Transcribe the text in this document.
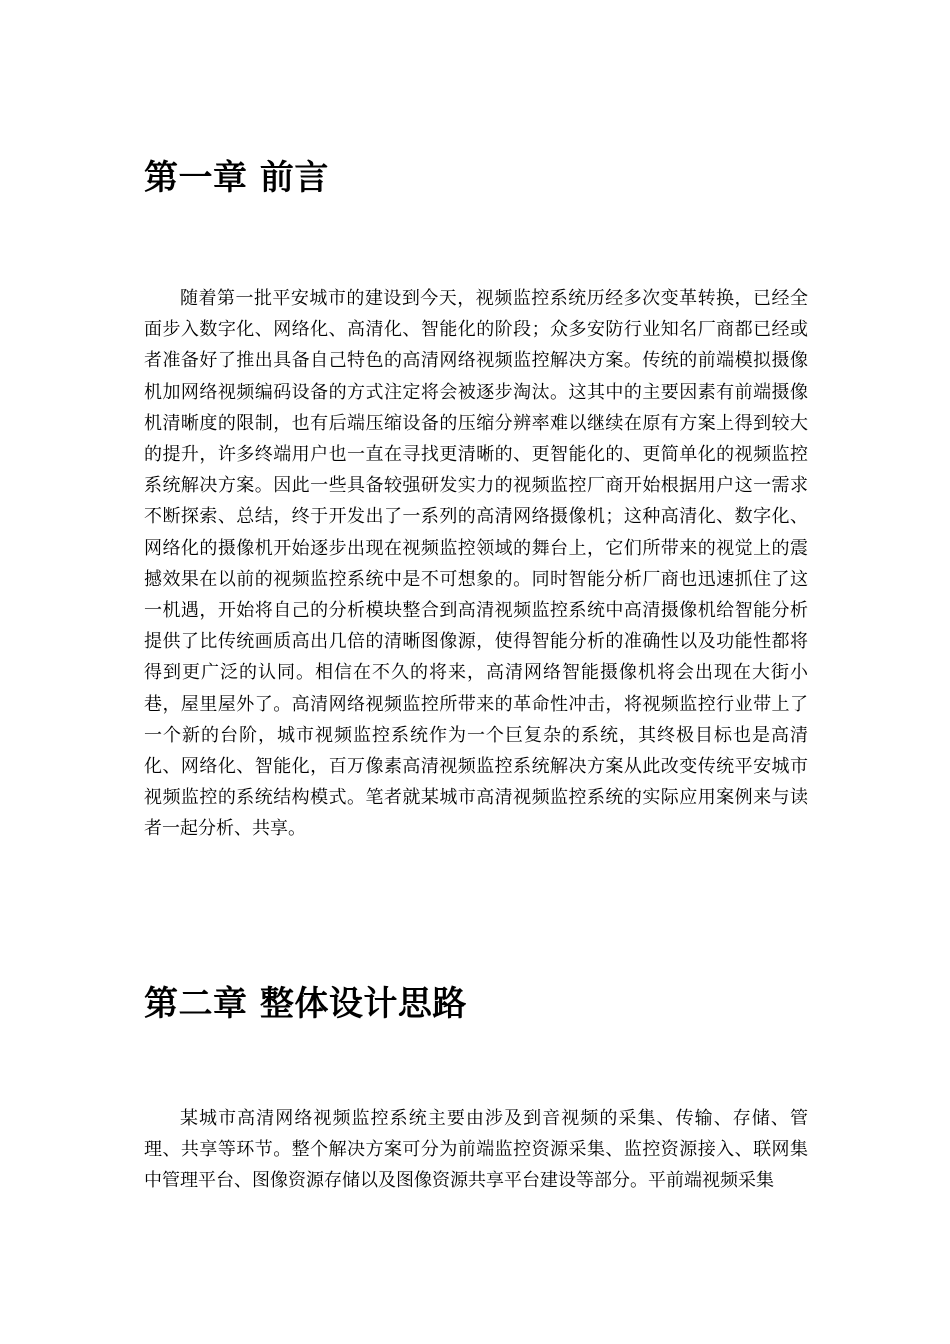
第一章 前言

随着第一批平安城市的建设到今天，视频监控系统历经多次变革转换，已经全面步入数字化、网络化、高清化、智能化的阶段；众多安防行业知名厂商都已经或者准备好了推出具备自己特色的高清网络视频监控解决方案。传统的前端模拟摄像机加网络视频编码设备的方式注定将会被逐步淘汰。这其中的主要因素有前端摄像机清晰度的限制，也有后端压缩设备的压缩分辨率难以继续在原有方案上得到较大的提升，许多终端用户也一直在寻找更清晰的、更智能化的、更简单化的视频监控系统解决方案。因此一些具备较强研发实力的视频监控厂商开始根据用户这一需求不断探索、总结，终于开发出了一系列的高清网络摄像机；这种高清化、数字化、网络化的摄像机开始逐步出现在视频监控领域的舞台上，它们所带来的视觉上的震撼效果在以前的视频监控系统中是不可想象的。同时智能分析厂商也迅速抓住了这一机遇，开始将自己的分析模块整合到高清视频监控系统中高清摄像机给智能分析提供了比传统画质高出几倍的清晰图像源，使得智能分析的准确性以及功能性都将得到更广泛的认同。相信在不久的将来，高清网络智能摄像机将会出现在大街小巷，屋里屋外了。高清网络视频监控所带来的革命性冲击，将视频监控行业带上了一个新的台阶，城市视频监控系统作为一个巨复杂的系统，其终极目标也是高清化、网络化、智能化，百万像素高清视频监控系统解决方案从此改变传统平安城市视频监控的系统结构模式。笔者就某城市高清视频监控系统的实际应用案例来与读者一起分析、共享。

第二章 整体设计思路

某城市高清网络视频监控系统主要由涉及到音视频的采集、传输、存储、管理、共享等环节。整个解决方案可分为前端监控资源采集、监控资源接入、联网集中管理平台、图像资源存储以及图像资源共享平台建设等部分。平前端视频采集
